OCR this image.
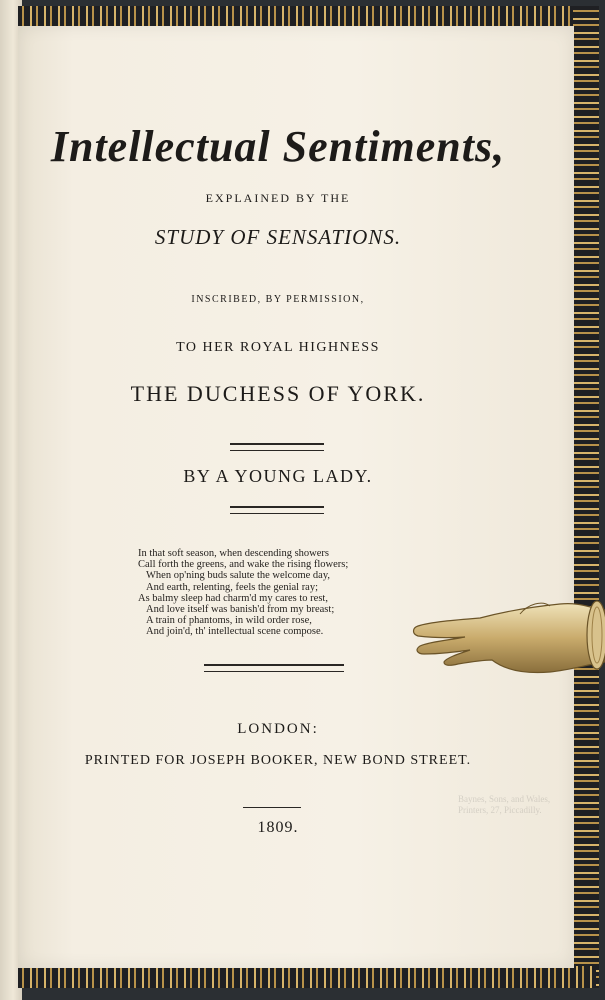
Intellectual Sentiments,
EXPLAINED BY THE
STUDY OF SENSATIONS.
INSCRIBED, BY PERMISSION,
TO HER ROYAL HIGHNESS
THE DUCHESS OF YORK.
BY A YOUNG LADY.
In that soft season, when descending showers
Call forth the greens, and wake the rising flowers;
When op'ning buds salute the welcome day,
And earth, relenting, feels the genial ray;
As balmy sleep had charm'd my cares to rest,
And love itself was banish'd from my breast;
A train of phantoms, in wild order rose,
And join'd, th' intellectual scene compose.
LONDON:
PRINTED FOR JOSEPH BOOKER, NEW BOND STREET.
1809.
Baynes, Sons, and Wales, Printers, 27, Piccadilly.
